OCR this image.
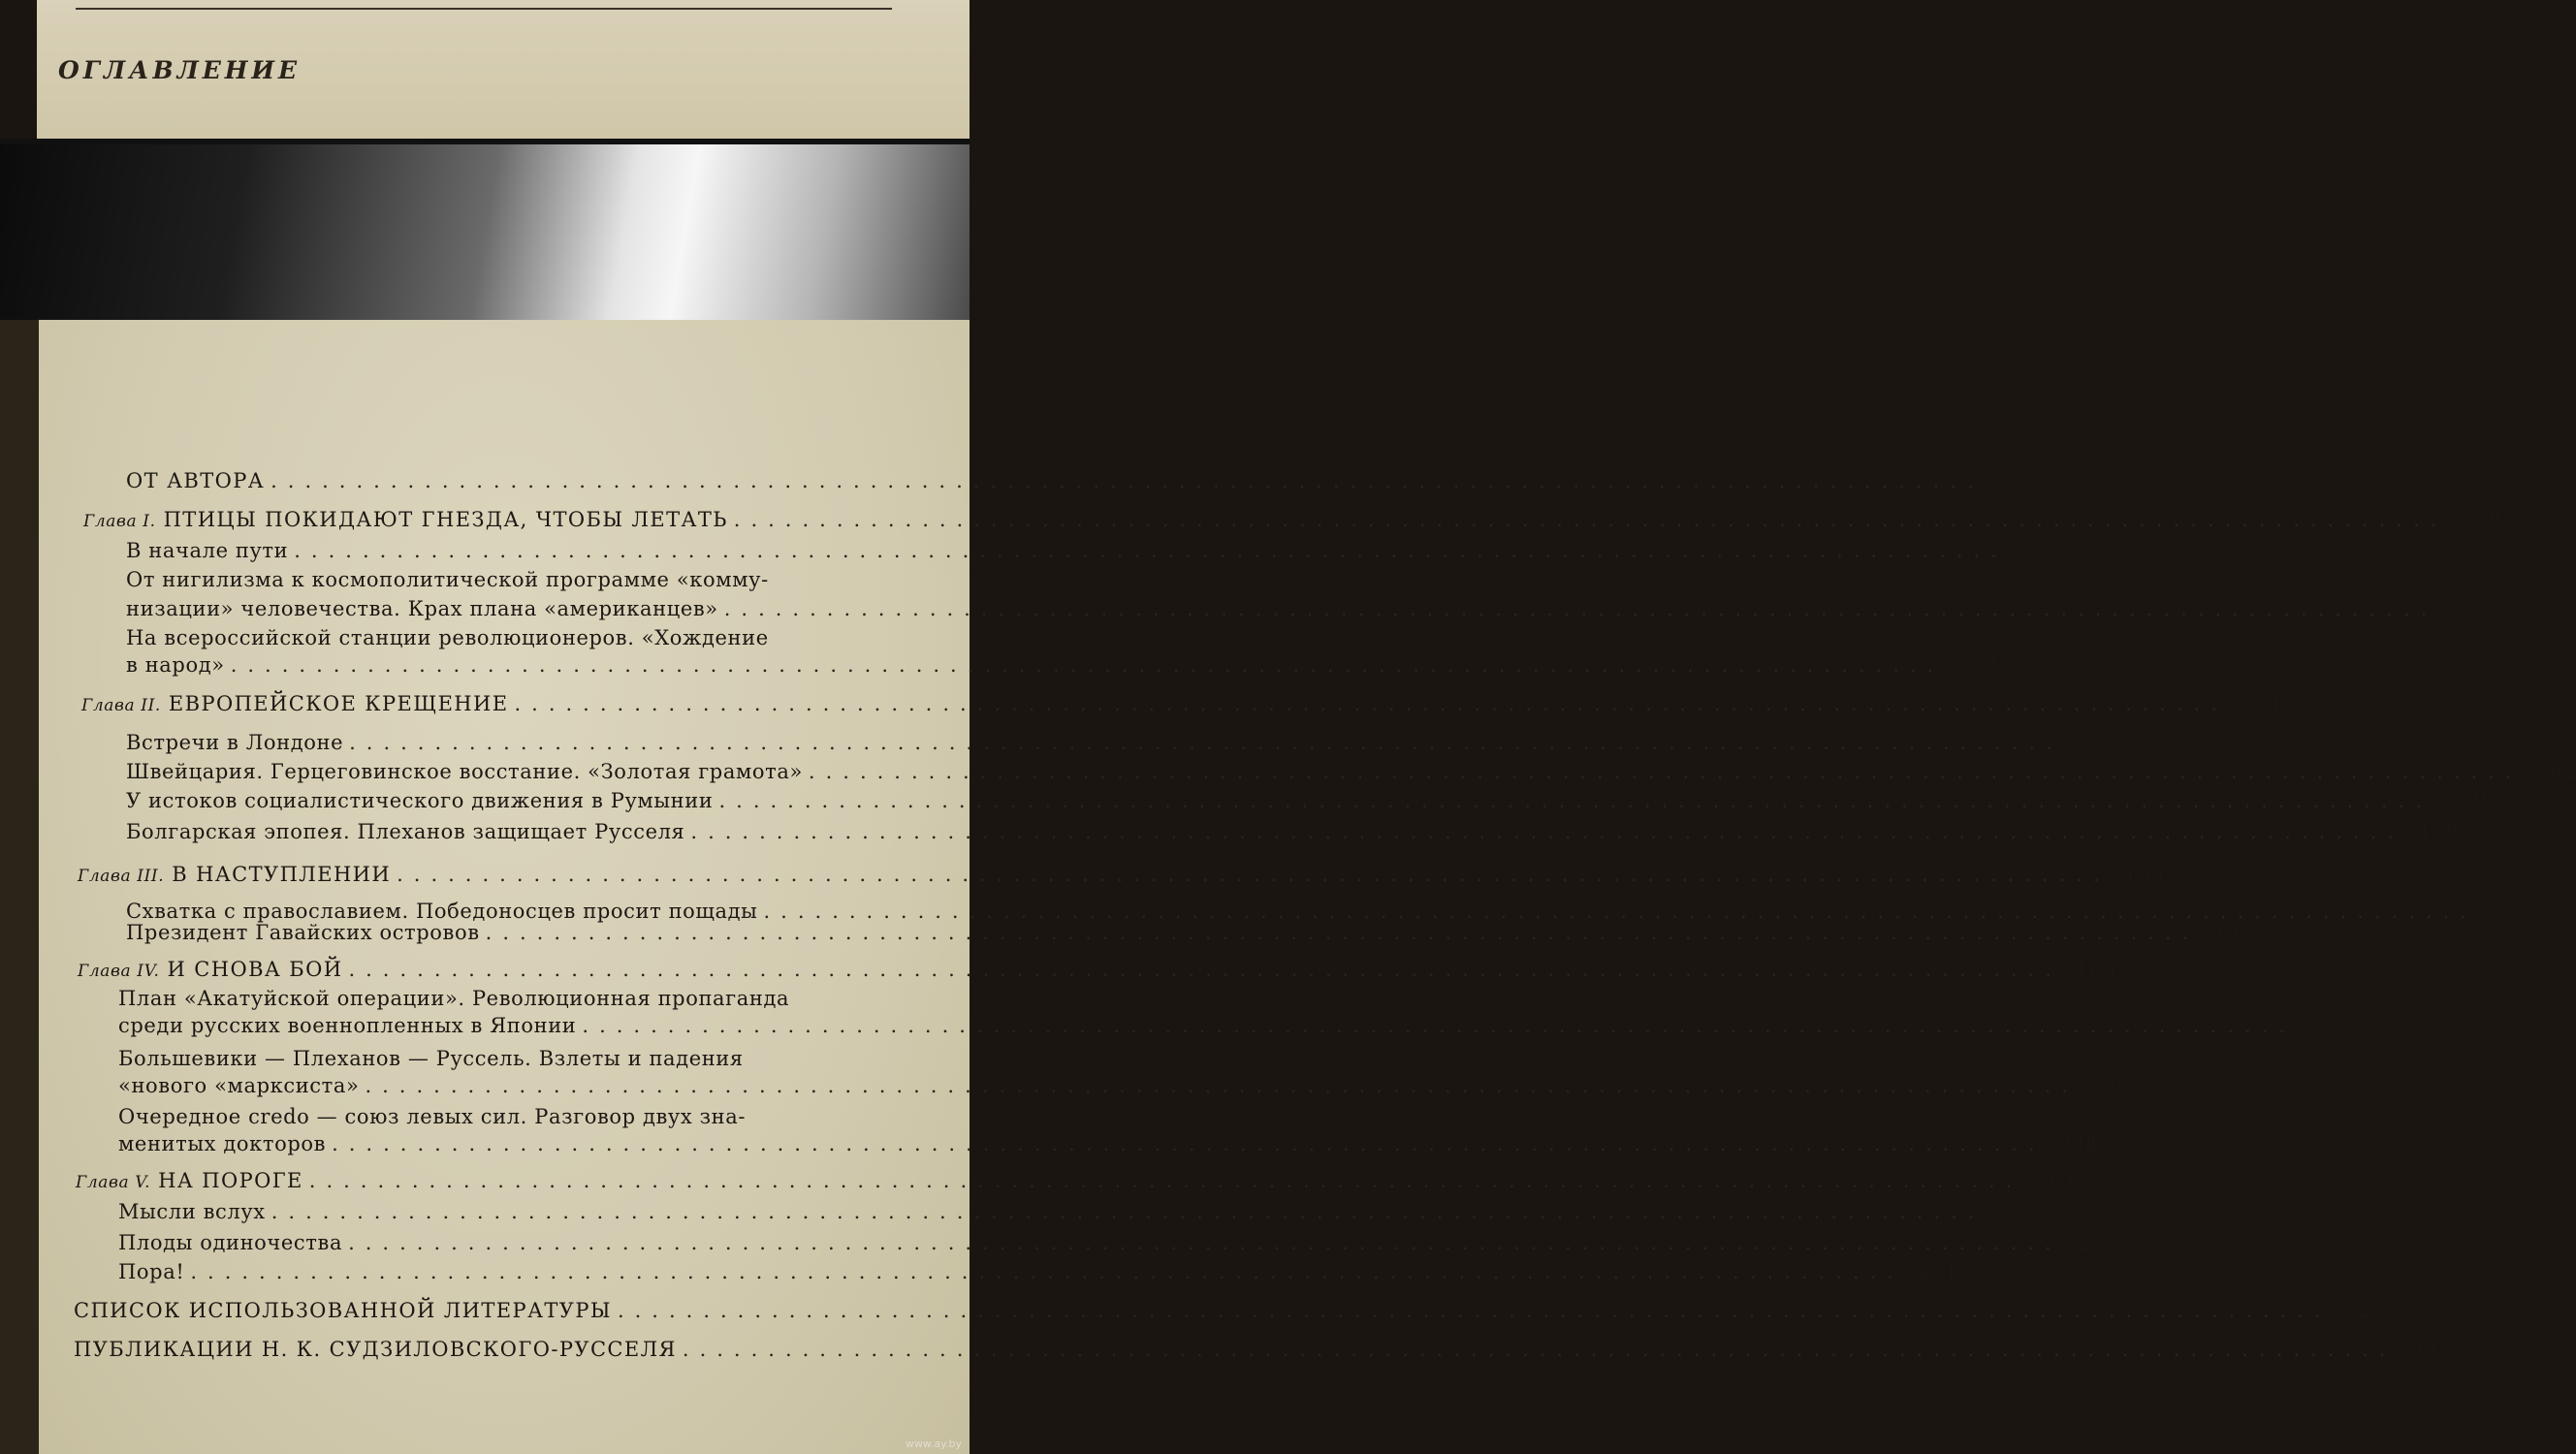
ОГЛАВЛЕНИЕ
ОТ АВТОРА ....................................................................................................	5
Глава I. ПТИЦЫ ПОКИДАЮТ ГНЕЗДА, ЧТОБЫ ЛЕТАТЬ ....................................................................................................	9
В начале пути ....................................................................................................	—
От нигилизма к космополитической программе «комму-
низации» человечества. Крах плана «американцев» ....................................................................................................	20
На всероссийской станции революционеров. «Хождение
в народ» ....................................................................................................	37
Глава II. ЕВРОПЕЙСКОЕ КРЕЩЕНИЕ ....................................................................................................	71
Встречи в Лондоне ....................................................................................................	—
Швейцария. Герцеговинское восстание. «Золотая грамота» ....................................................................................................	82
У истоков социалистического движения в Румынии ....................................................................................................	90
Болгарская эпопея. Плеханов защищает Русселя .................................................................................................... 119
Глава III. В НАСТУПЛЕНИИ .................................................................................................... 139
Схватка с православием. Победоносцев просит пощады ....................................................................................................	—
Президент Гавайских островов .................................................................................................... 155
Глава IV. И СНОВА БОЙ .................................................................................................... 183
План «Акатуйской операции». Революционная пропаганда
среди русских военнопленных в Японии ....................................................................................................	—
Большевики — Плеханов — Руссель. Взлеты и падения
«нового «марксиста» .................................................................................................... 217
Очередное credo — союз левых сил. Разговор двух зна-
менитых докторов .................................................................................................... 244
Глава V. НА ПОРОГЕ .................................................................................................... 261
Мысли вслух ....................................................................................................	—
Плоды одиночества .................................................................................................... 273
Пора! .................................................................................................... 291
СПИСОК ИСПОЛЬЗОВАННОЙ ЛИТЕРАТУРЫ .................................................................................................... 323
ПУБЛИКАЦИИ Н. К. СУДЗИЛОВСКОГО-РУССЕЛЯ .................................................................................................... 332
www.ay.by
